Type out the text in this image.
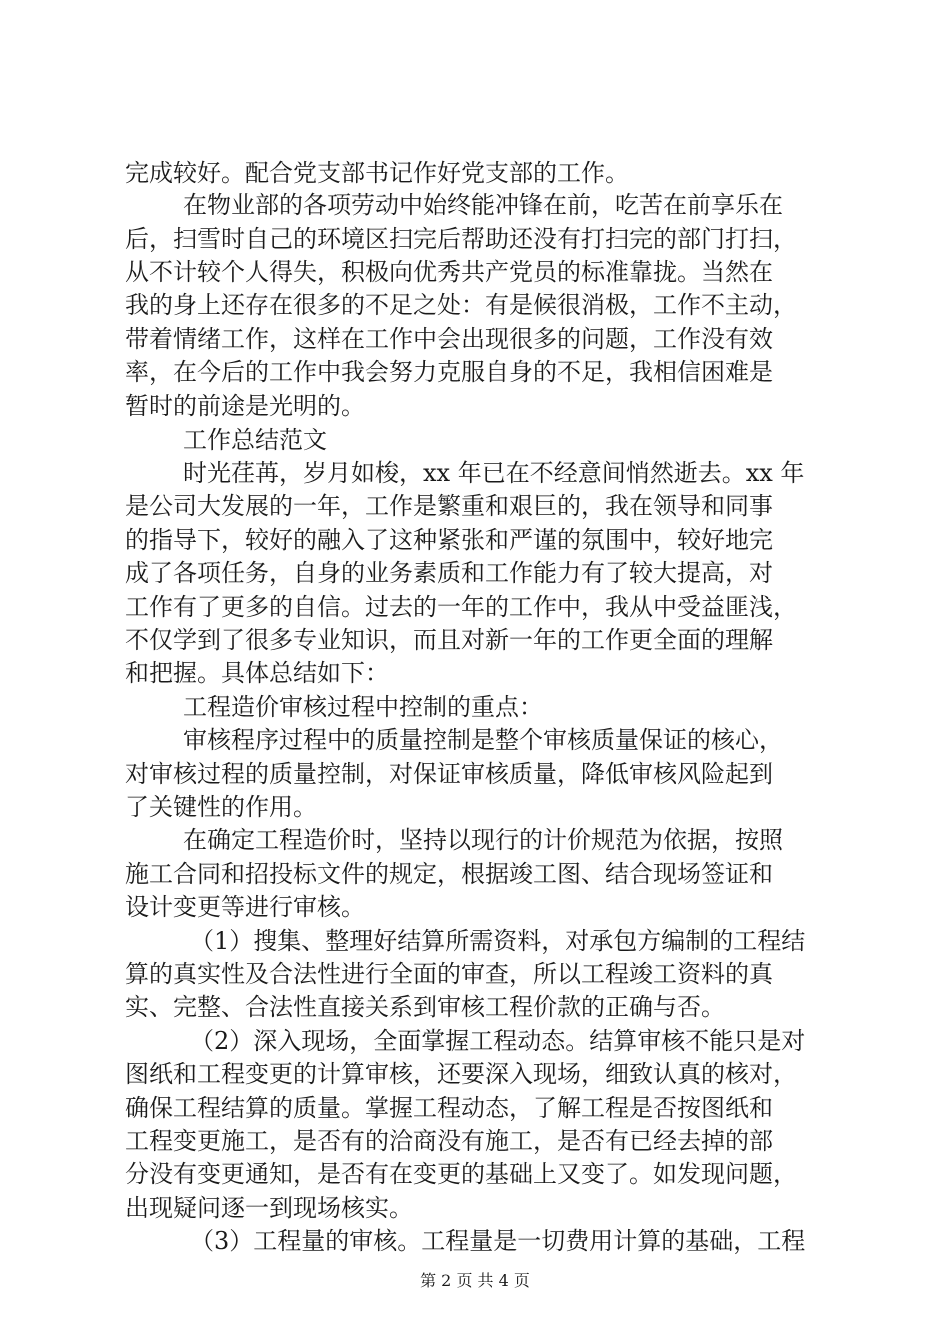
完成较好。配合党支部书记作好党支部的工作。
在物业部的各项劳动中始终能冲锋在前，吃苦在前享乐在
后，扫雪时自己的环境区扫完后帮助还没有打扫完的部门打扫，
从不计较个人得失，积极向优秀共产党员的标准靠拢。当然在
我的身上还存在很多的不足之处：有是候很消极，工作不主动，
带着情绪工作，这样在工作中会出现很多的问题，工作没有效
率，在今后的工作中我会努力克服自身的不足，我相信困难是
暂时的前途是光明的。
工作总结范文
时光荏苒，岁月如梭，xx 年已在不经意间悄然逝去。xx 年
是公司大发展的一年，工作是繁重和艰巨的，我在领导和同事
的指导下，较好的融入了这种紧张和严谨的氛围中，较好地完
成了各项任务，自身的业务素质和工作能力有了较大提高，对
工作有了更多的自信。过去的一年的工作中，我从中受益匪浅，
不仅学到了很多专业知识，而且对新一年的工作更全面的理解
和把握。具体总结如下：
工程造价审核过程中控制的重点：
审核程序过程中的质量控制是整个审核质量保证的核心，
对审核过程的质量控制，对保证审核质量，降低审核风险起到
了关键性的作用。
在确定工程造价时，坚持以现行的计价规范为依据，按照
施工合同和招投标文件的规定，根据竣工图、结合现场签证和
设计变更等进行审核。
（1）搜集、整理好结算所需资料，对承包方编制的工程结
算的真实性及合法性进行全面的审查，所以工程竣工资料的真
实、完整、合法性直接关系到审核工程价款的正确与否。
（2）深入现场，全面掌握工程动态。结算审核不能只是对
图纸和工程变更的计算审核，还要深入现场，细致认真的核对，
确保工程结算的质量。掌握工程动态，了解工程是否按图纸和
工程变更施工，是否有的洽商没有施工，是否有已经去掉的部
分没有变更通知，是否有在变更的基础上又变了。如发现问题，
出现疑问逐一到现场核实。
（3）工程量的审核。工程量是一切费用计算的基础，工程
第 2 页 共 4 页
